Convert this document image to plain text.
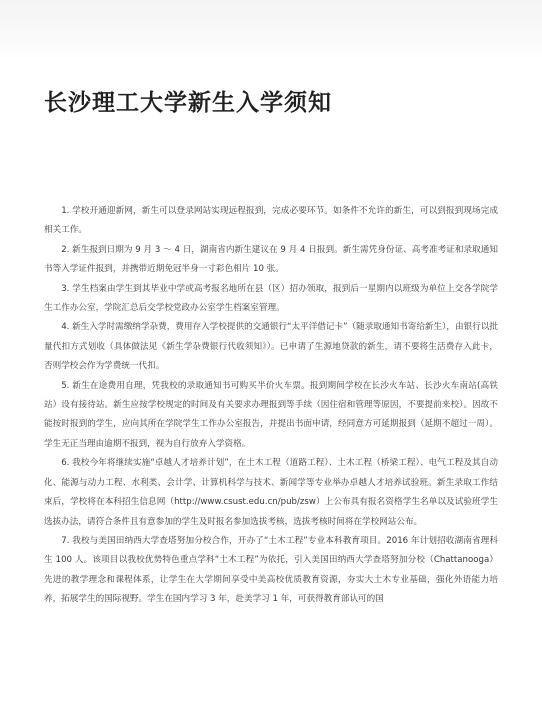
长沙理工大学新生入学须知

1. 学校开通迎新网，新生可以登录网站实现远程报到，完成必要环节。如条件不允许的新生，可以到报到现场完成相关工作。

2. 新生报到日期为 9 月 3 ～ 4 日，湖南省内新生建议在 9 月 4 日报到。新生需凭身份证、高考准考证和录取通知书等入学证件报到，并携带近期免冠半身一寸彩色相片 10 张。

3. 学生档案由学生到其毕业中学或高考报名地所在县（区）招办领取，报到后一星期内以班级为单位上交各学院学生工作办公室，学院汇总后交学校党政办公室学生档案室管理。

4. 新生入学时需缴纳学杂费，费用存入学校提供的交通银行“太平洋借记卡”（随录取通知书寄给新生），由银行以批量代扣方式划收（具体做法见《新生学杂费银行代收须知》）。已申请了生源地贷款的新生，请不要将生活费存入此卡，否则学校会作为学费统一代扣。

5. 新生在途费用自理，凭我校的录取通知书可购买半价火车票。报到期间学校在长沙火车站、长沙火车南站(高铁站）设有接待站。新生应按学校规定的时间及有关要求办理报到等手续（因住宿和管理等原因，不要提前来校）。因故不能按时报到的学生，应向其所在学院学生工作办公室报告，并提出书面申请，经同意方可延期报到（延期不超过一周）。学生无正当理由逾期不报到，视为自行放弃入学资格。

6. 我校今年将继续实施“卓越人才培养计划”，在土木工程（道路工程）、土木工程（桥梁工程）、电气工程及其自动化、能源与动力工程、水利类、会计学、计算机科学与技术、新闻学等专业举办卓越人才培养试验班。新生录取工作结束后，学校将在本科招生信息网（http://www.csust.edu.cn/pub/zsw）上公布具有报名资格学生名单以及试验班学生选拔办法，请符合条件且有意参加的学生及时报名参加选拔考核，选拔考核时间将在学校网站公布。

7. 我校与美国田纳西大学查塔努加分校合作，开办了“土木工程”专业本科教育项目。2016 年计划招收湖南省理科生 100 人。该项目以我校优势特色重点学科“土木工程”为依托，引入美国田纳西大学查塔努加分校（Chattanooga）先进的教学理念和课程体系，让学生在大学期间享受中美高校优质教育资源，夯实大土木专业基础，强化外语能力培养，拓展学生的国际视野。学生在国内学习 3 年，赴美学习 1 年，可获得教育部认可的国
